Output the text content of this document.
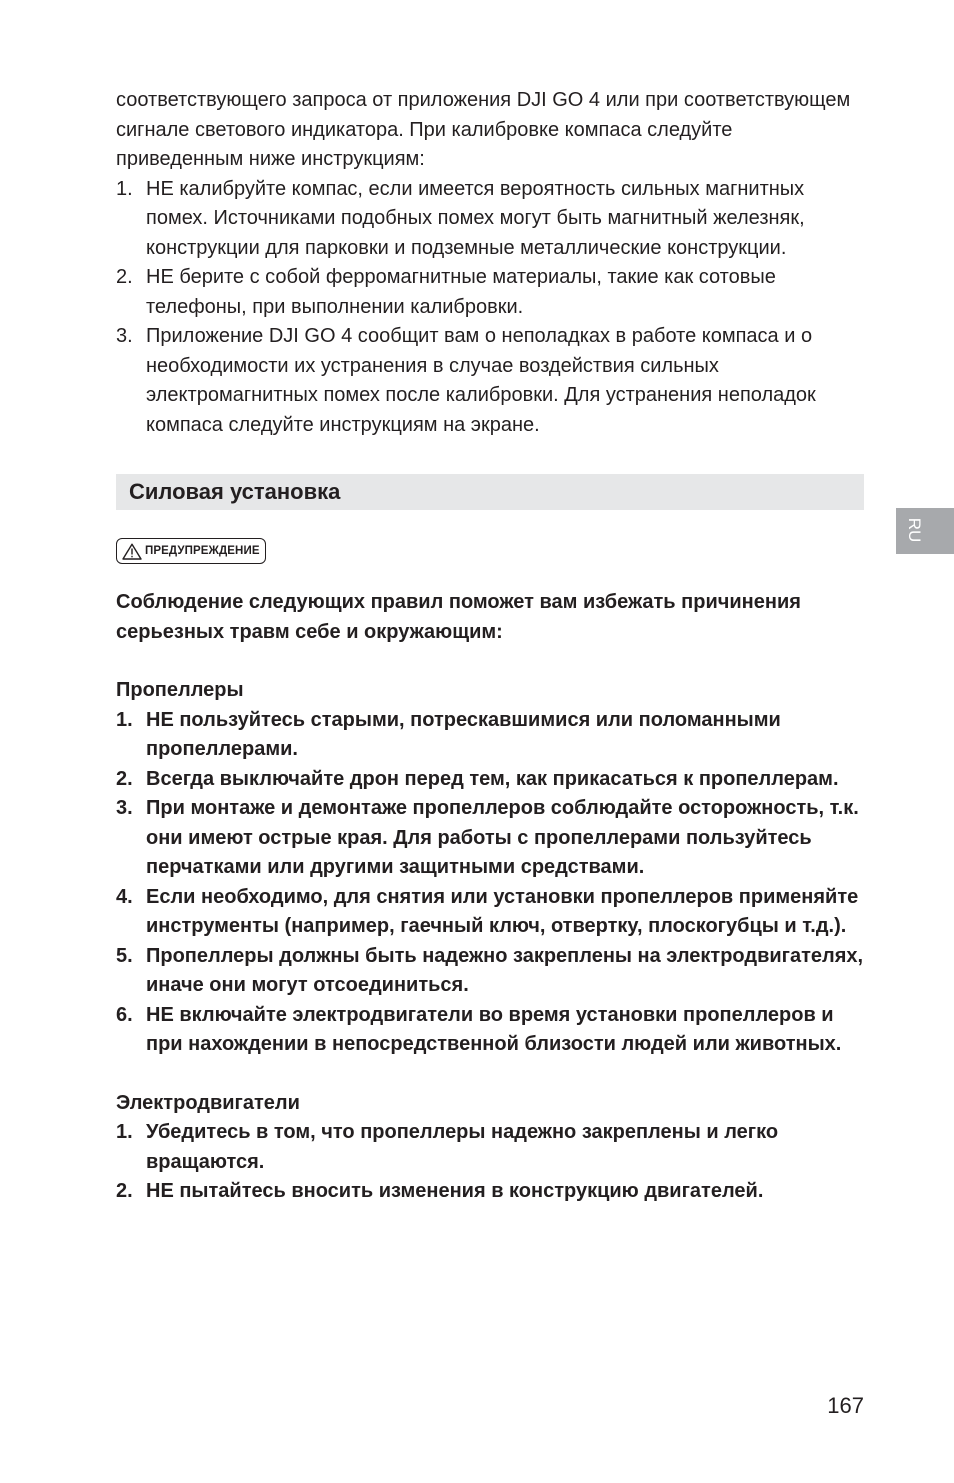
соответствующего запроса от приложения DJI GO 4 или при соответствующем сигнале светового индикатора. При калибровке компаса следуйте приведенным ниже инструкциям:

1. НЕ калибруйте компас, если имеется вероятность сильных магнитных помех. Источниками подобных помех могут быть магнитный железняк, конструкции для парковки и подземные металлические конструкции.
2. НЕ берите с собой ферромагнитные материалы, такие как сотовые телефоны, при выполнении калибровки.
3. Приложение DJI GO 4 сообщит вам о неполадках в работе компаса и о необходимости их устранения в случае воздействия сильных электромагнитных помех после калибровки. Для устранения неполадок компаса следуйте инструкциям на экране.
Силовая установка
ПРЕДУПРЕЖДЕНИЕ
Соблюдение следующих правил поможет вам избежать причинения серьезных травм себе и окружающим:
Пропеллеры
1. НЕ пользуйтесь старыми, потрескавшимися или поломанными пропеллерами.
2. Всегда выключайте дрон перед тем, как прикасаться к пропеллерам.
3. При монтаже и демонтаже пропеллеров соблюдайте осторожность, т.к. они имеют острые края. Для работы с пропеллерами пользуйтесь перчатками или другими защитными средствами.
4. Если необходимо, для снятия или установки пропеллеров применяйте инструменты (например, гаечный ключ, отвертку, плоскогубцы и т.д.).
5. Пропеллеры должны быть надежно закреплены на электродвигателях, иначе они могут отсоединиться.
6. НЕ включайте электродвигатели во время установки пропеллеров и при нахождении в непосредственной близости людей или животных.
Электродвигатели
1. Убедитесь в том, что пропеллеры надежно закреплены и легко вращаются.
2. НЕ пытайтесь вносить изменения в конструкцию двигателей.
RU
167
